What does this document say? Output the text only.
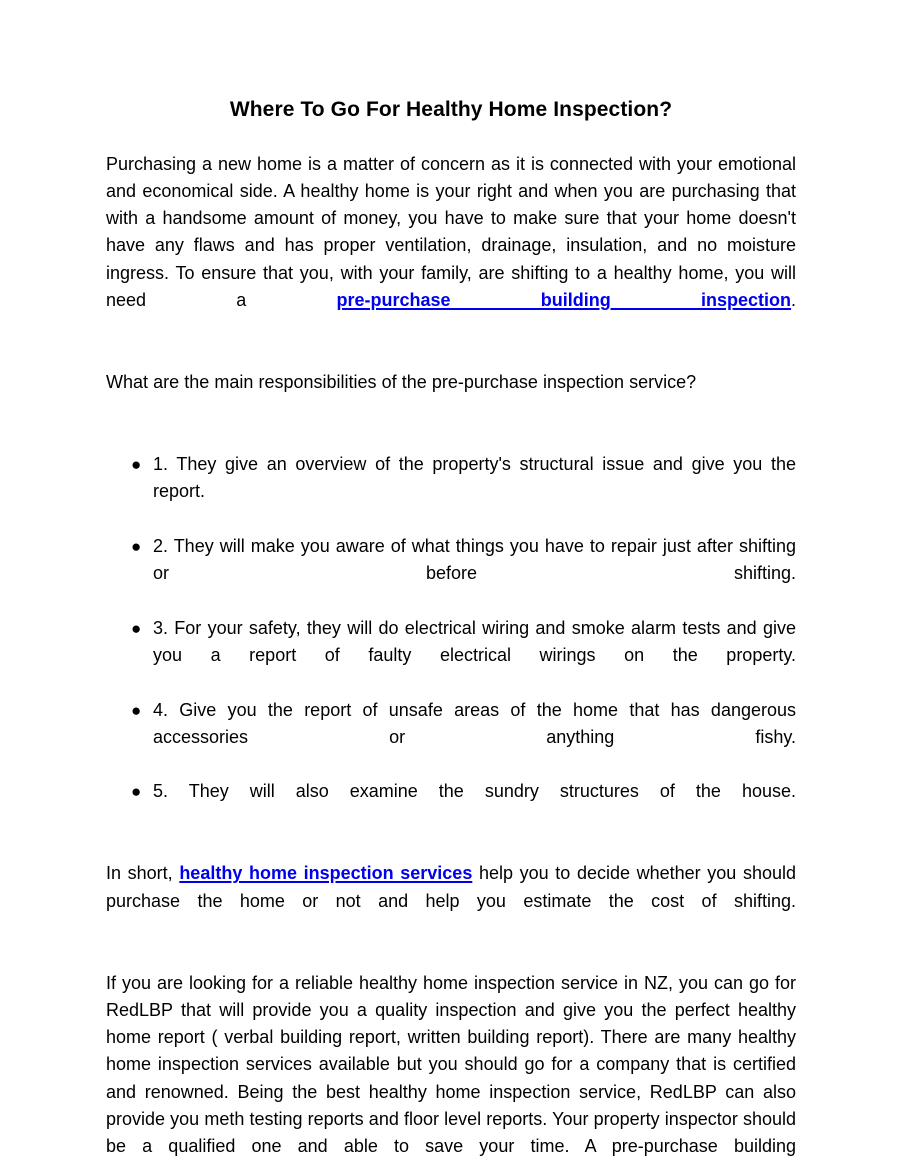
Where To Go For Healthy Home Inspection?

Purchasing a new home is a matter of concern as it is connected with your emotional and economical side. A healthy home is your right and when you are purchasing that with a handsome amount of money, you have to make sure that your home doesn't have any flaws and has proper ventilation, drainage, insulation, and no moisture ingress. To ensure that you, with your family, are shifting to a healthy home, you will need a pre-purchase building inspection.

What are the main responsibilities of the pre-purchase inspection service?

● 1. They give an overview of the property's structural issue and give you the report.
● 2. They will make you aware of what things you have to repair just after shifting or before shifting.
● 3. For your safety, they will do electrical wiring and smoke alarm tests and give you a report of faulty electrical wirings on the property.
● 4. Give you the report of unsafe areas of the home that has dangerous accessories or anything fishy.
● 5. They will also examine the sundry structures of the house.

In short, healthy home inspection services help you to decide whether you should purchase the home or not and help you estimate the cost of shifting.

If you are looking for a reliable healthy home inspection service in NZ, you can go for RedLBP that will provide you a quality inspection and give you the perfect healthy home report ( verbal building report, written building report). There are many healthy home inspection services available but you should go for a company that is certified and renowned. Being the best healthy home inspection service, RedLBP can also provide you meth testing reports and floor level reports. Your property inspector should be a qualified one and able to save your time. A pre-purchase building
